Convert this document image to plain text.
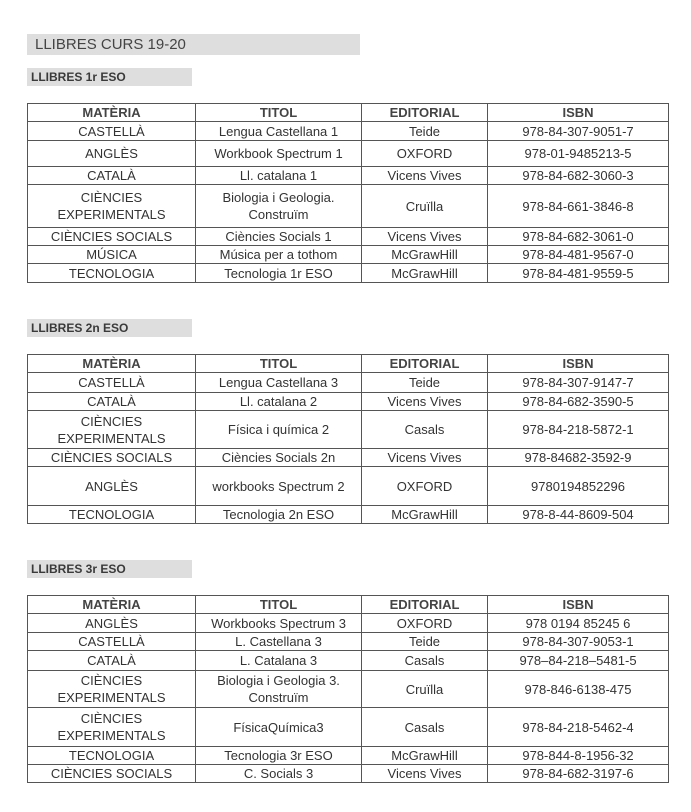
LLIBRES CURS 19-20
LLIBRES 1r ESO
MATÈRIA	TITOL	EDITORIAL	ISBN
CASTELLÀ	Lengua Castellana 1	Teide	978-84-307-9051-7
ANGLÈS	Workbook Spectrum 1	OXFORD	978-01-9485213-5
CATALÀ	Ll. catalana 1	Vicens Vives	978-84-682-3060-3
CIÈNCIES EXPERIMENTALS	Biologia i Geologia. Construïm	Cruïlla	978-84-661-3846-8
CIÈNCIES SOCIALS	Ciències Socials 1	Vicens Vives	978-84-682-3061-0
MÚSICA	Música per a tothom	McGrawHill	978-84-481-9567-0
TECNOLOGIA	Tecnologia 1r ESO	McGrawHill	978-84-481-9559-5
LLIBRES 2n ESO
MATÈRIA	TITOL	EDITORIAL	ISBN
CASTELLÀ	Lengua Castellana 3	Teide	978-84-307-9147-7
CATALÀ	Ll. catalana 2	Vicens Vives	978-84-682-3590-5
CIÈNCIES EXPERIMENTALS	Física i química 2	Casals	978-84-218-5872-1
CIÈNCIES SOCIALS	Ciències Socials 2n	Vicens Vives	978-84682-3592-9
ANGLÈS	workbooks Spectrum 2	OXFORD	9780194852296
TECNOLOGIA	Tecnologia 2n ESO	McGrawHill	978-8-44-8609-504
LLIBRES 3r ESO
MATÈRIA	TITOL	EDITORIAL	ISBN
ANGLÈS	Workbooks Spectrum 3	OXFORD	978 0194 85245 6
CASTELLÀ	L. Castellana 3	Teide	978-84-307-9053-1
CATALÀ	L. Catalana 3	Casals	978–84-218–5481-5
CIÈNCIES EXPERIMENTALS	Biologia i Geologia 3. Construïm	Cruïlla	978-846-6138-475
CIÈNCIES EXPERIMENTALS	FísicaQuímica3	Casals	978-84-218-5462-4
TECNOLOGIA	Tecnologia 3r ESO	McGrawHill	978-844-8-1956-32
CIÈNCIES SOCIALS	C. Socials 3	Vicens Vives	978-84-682-3197-6
